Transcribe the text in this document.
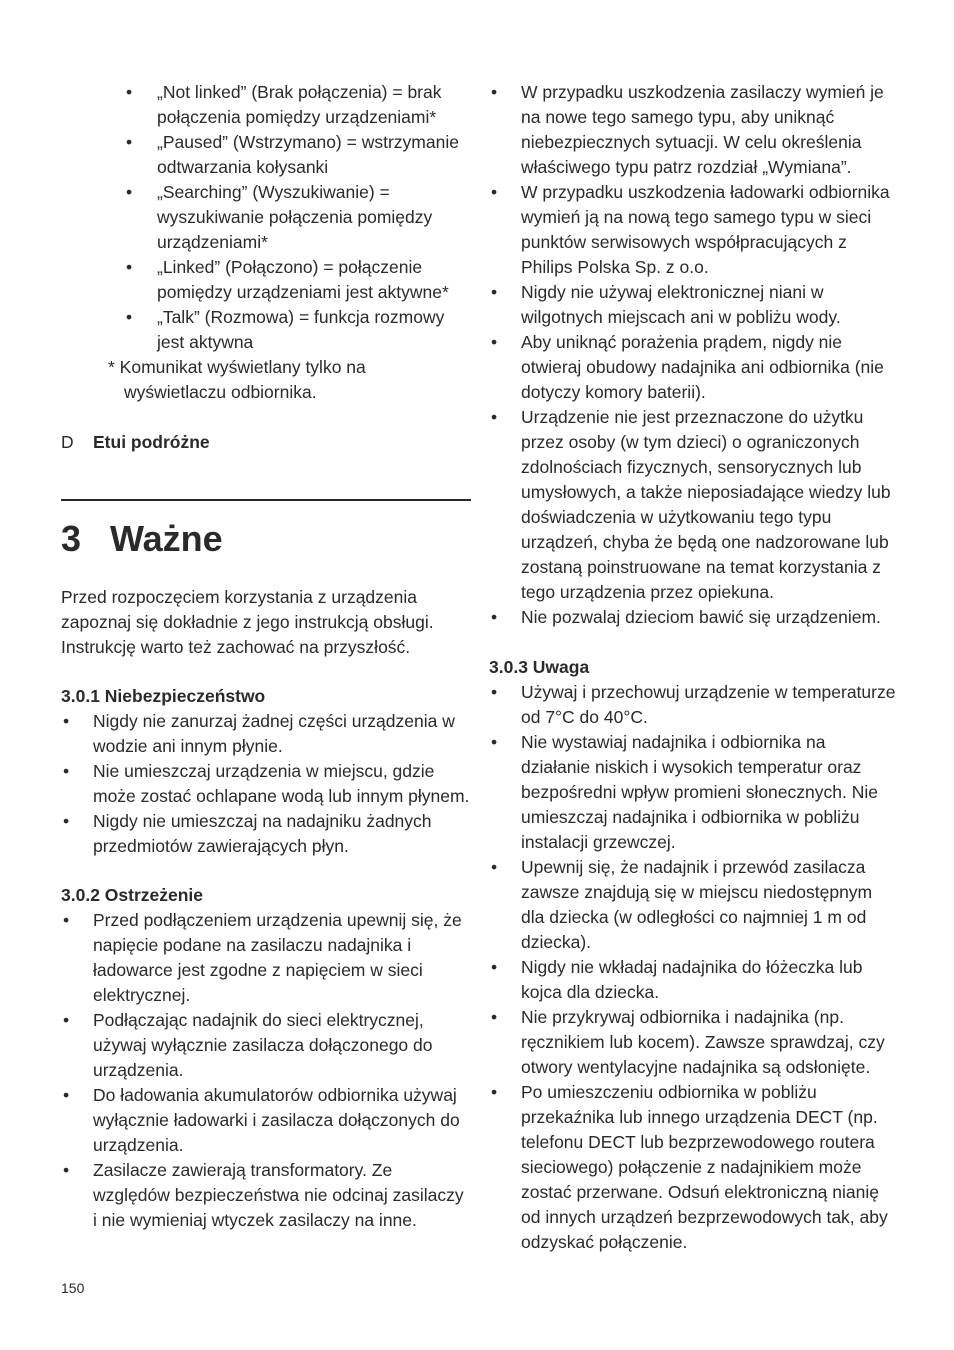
• „Not linked” (Brak połączenia) = brak połączenia pomiędzy urządzeniami*
• „Paused” (Wstrzymano) = wstrzymanie odtwarzania kołysanki
• „Searching” (Wyszukiwanie) = wyszukiwanie połączenia pomiędzy urządzeniami*
• „Linked” (Połączono) = połączenie pomiędzy urządzeniami jest aktywne*
• „Talk” (Rozmowa) = funkcja rozmowy jest aktywna
* Komunikat wyświetlany tylko na wyświetlaczu odbiornika.
D	Etui podróżne
3 Ważne
Przed rozpoczęciem korzystania z urządzenia zapoznaj się dokładnie z jego instrukcją obsługi. Instrukcję warto też zachować na przyszłość.
3.0.1 Niebezpieczeństwo
• Nigdy nie zanurzaj żadnej części urządzenia w wodzie ani innym płynie.
• Nie umieszczaj urządzenia w miejscu, gdzie może zostać ochlapane wodą lub innym płynem.
• Nigdy nie umieszczaj na nadajniku żadnych przedmiotów zawierających płyn.
3.0.2 Ostrzeżenie
• Przed podłączeniem urządzenia upewnij się, że napięcie podane na zasilaczu nadajnika i ładowarce jest zgodne z napięciem w sieci elektrycznej.
• Podłączając nadajnik do sieci elektrycznej, używaj wyłącznie zasilacza dołączonego do urządzenia.
• Do ładowania akumulatorów odbiornika używaj wyłącznie ładowarki i zasilacza dołączonych do urządzenia.
• Zasilacze zawierają transformatory. Ze względów bezpieczeństwa nie odcinaj zasilaczy i nie wymieniaj wtyczek zasilaczy na inne.
• W przypadku uszkodzenia zasilaczy wymień je na nowe tego samego typu, aby uniknąć niebezpiecznych sytuacji. W celu określenia właściwego typu patrz rozdział „Wymiana”.
• W przypadku uszkodzenia ładowarki odbiornika wymień ją na nową tego samego typu w sieci punktów serwisowych współpracujących z Philips Polska Sp. z o.o.
• Nigdy nie używaj elektronicznej niani w wilgotnych miejscach ani w pobliżu wody.
• Aby uniknąć porażenia prądem, nigdy nie otwieraj obudowy nadajnika ani odbiornika (nie dotyczy komory baterii).
• Urządzenie nie jest przeznaczone do użytku przez osoby (w tym dzieci) o ograniczonych zdolnościach fizycznych, sensorycznych lub umysłowych, a także nieposiadające wiedzy lub doświadczenia w użytkowaniu tego typu urządzeń, chyba że będą one nadzorowane lub zostaną poinstruowane na temat korzystania z tego urządzenia przez opiekuna.
• Nie pozwalaj dzieciom bawić się urządzeniem.
3.0.3 Uwaga
• Używaj i przechowuj urządzenie w temperaturze od 7°C do 40°C.
• Nie wystawiaj nadajnika i odbiornika na działanie niskich i wysokich temperatur oraz bezpośredni wpływ promieni słonecznych. Nie umieszczaj nadajnika i odbiornika w pobliżu instalacji grzewczej.
• Upewnij się, że nadajnik i przewód zasilacza zawsze znajdują się w miejscu niedostępnym dla dziecka (w odległości co najmniej 1 m od dziecka).
• Nigdy nie wkładaj nadajnika do łóżeczka lub kojca dla dziecka.
• Nie przykrywaj odbiornika i nadajnika (np. ręcznikiem lub kocem). Zawsze sprawdzaj, czy otwory wentylacyjne nadajnika są odsłonięte.
• Po umieszczeniu odbiornika w pobliżu przekaźnika lub innego urządzenia DECT (np. telefonu DECT lub bezprzewodowego routera sieciowego) połączenie z nadajnikiem może zostać przerwane. Odsuń elektroniczną nianię od innych urządzeń bezprzewodowych tak, aby odzyskać połączenie.
150
